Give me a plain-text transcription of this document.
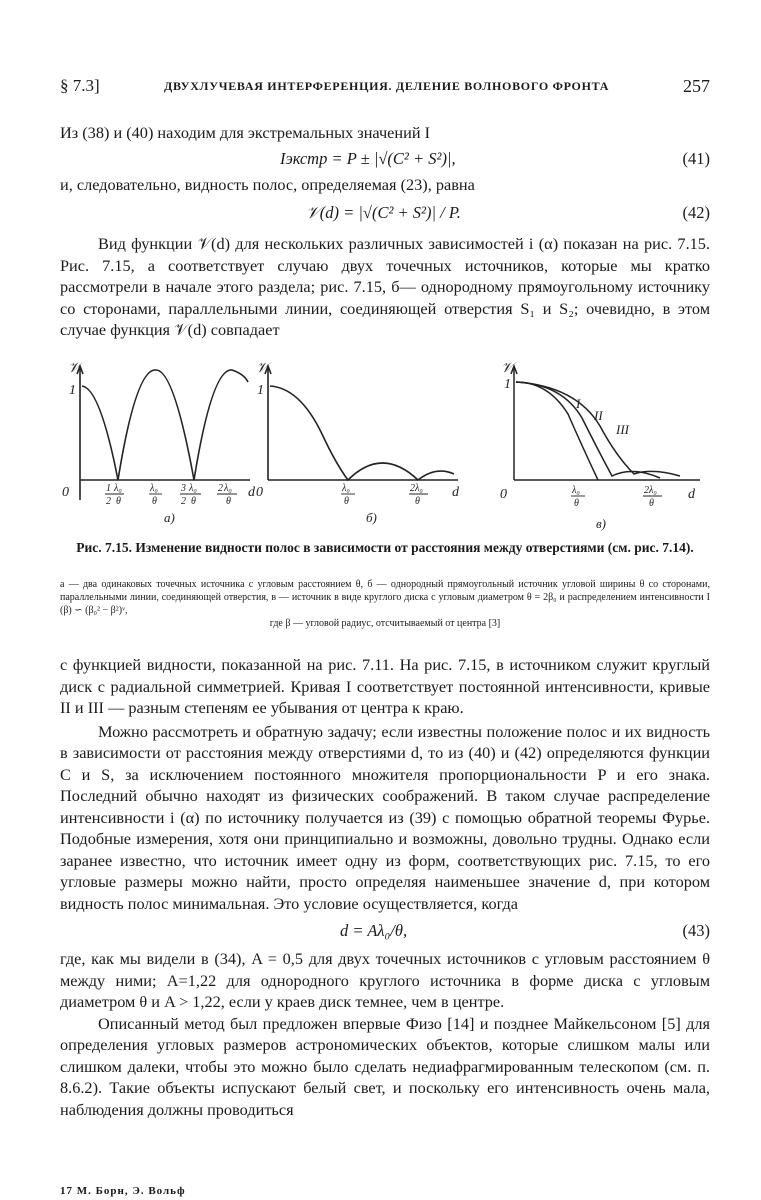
§ 7.3]	ДВУХЛУЧЕВАЯ ИНТЕРФЕРЕНЦИЯ. ДЕЛЕНИЕ ВОЛНОВОГО ФРОНТА	257

Из (38) и (40) находим для экстремальных значений I

Iэкстр = P ± |√(C² + S²)|,	(41)

и, следовательно, видность полос, определяемая (23), равна

𝒱(d) = |√(C² + S²)| / P.	(42)

Вид функции 𝒱(d) для нескольких различных зависимостей i (α) показан на рис. 7.15. Рис. 7.15, а соответствует случаю двух точечных источников, которые мы кратко рассмотрели в начале этого раздела; рис. 7.15, б— однородному прямоугольному источнику со сторонами, параллельными линии, соединяющей отверстия S₁ и S₂; очевидно, в этом случае функция 𝒱(d) совпадает

𝒱
1
0	d
а)
1
2
λ₀
θ
λ₀
θ
3
2
λ₀
θ
2 λ₀
θ
𝒱
1
0	d
б)
λ₀
θ
2λ₀
θ
𝒱
1
0	d
в)
I
II
III
λ₀
θ
2λ₀
θ
Рис. 7.15. Изменение видности полос в зависимости от расстояния между отверстиями (см. рис. 7.14).
а — два одинаковых точечных источника с угловым расстоянием θ, б — однородный прямоугольный источник угловой ширины θ со сторонами, параллельными линии, соединяющей отверстия, в — источник в виде круглого диска с угловым диаметром θ = 2β₀ и распределением интенсивности I (β) ∽ (β₀² − β²)ᵛ,
где β — угловой радиус, отсчитываемый от центра [3]

с функцией видности, показанной на рис. 7.11. На рис. 7.15, в источником служит круглый диск с радиальной симметрией. Кривая I соответствует постоянной интенсивности, кривые II и III — разным степеням ее убывания от центра к краю.

Можно рассмотреть и обратную задачу; если известны положение полос и их видность в зависимости от расстояния между отверстиями d, то из (40) и (42) определяются функции C и S, за исключением постоянного множителя пропорциональности P и его знака. Последний обычно находят из физических соображений. В таком случае распределение интенсивности i (α) по источнику получается из (39) с помощью обратной теоремы Фурье. Подобные измерения, хотя они принципиально и возможны, довольно трудны. Однако если заранее известно, что источник имеет одну из форм, соответствующих рис. 7.15, то его угловые размеры можно найти, просто определяя наименьшее значение d, при котором видность полос минимальная. Это условие осуществляется, когда

d = Aλ₀/θ,	(43)

где, как мы видели в (34), A = 0,5 для двух точечных источников с угловым расстоянием θ между ними; A=1,22 для однородного круглого источника в форме диска с угловым диаметром θ и A > 1,22, если у краев диск темнее, чем в центре.

Описанный метод был предложен впервые Физо [14] и позднее Майкельсоном [5] для определения угловых размеров астрономических объектов, которые слишком малы или слишком далеки, чтобы это можно было сделать недиафрагмированным телескопом (см. п. 8.6.2). Такие объекты испускают белый свет, и поскольку его интенсивность очень мала, наблюдения должны проводиться

17 М. Борн, Э. Вольф
